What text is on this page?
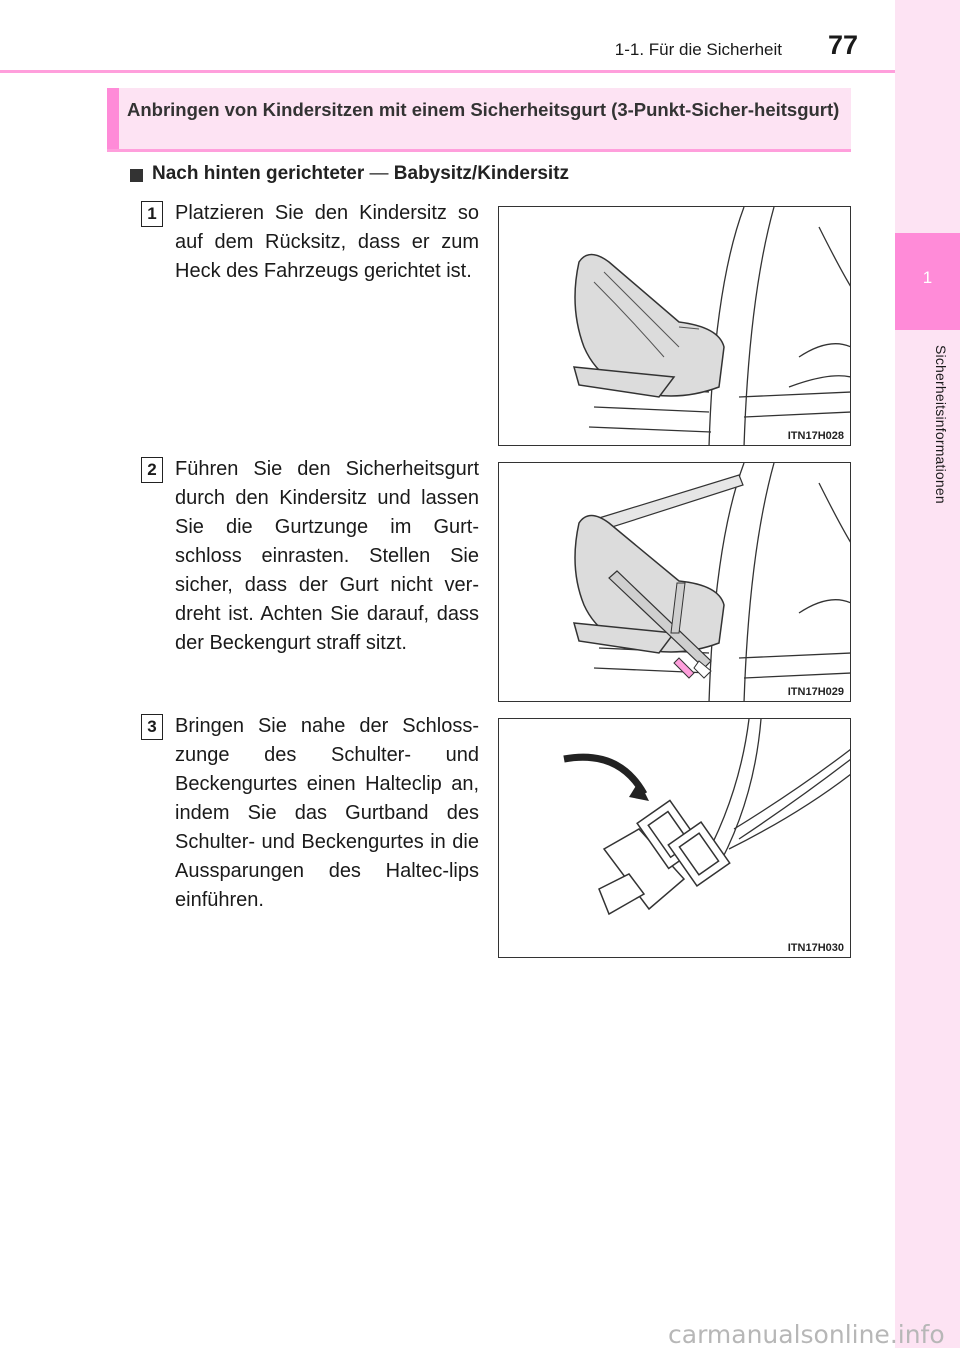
1-1. Für die Sicherheit 77
1
Sicherheitsinformationen
Anbringen von Kindersitzen mit einem Sicherheitsgurt (3-Punkt-Sicher-heitsgurt)
Nach hinten gerichteter — Babysitz/Kindersitz
1 Platzieren Sie den Kindersitz so auf dem Rücksitz, dass er zum Heck des Fahrzeugs gerichtet ist.
ITN17H028
2 Führen Sie den Sicherheitsgurt durch den Kindersitz und lassen Sie die Gurtzunge im Gurt-schloss einrasten. Stellen Sie sicher, dass der Gurt nicht ver-dreht ist. Achten Sie darauf, dass der Beckengurt straff sitzt.
ITN17H029
3 Bringen Sie nahe der Schloss-zunge des Schulter- und Beckengurtes einen Halteclip an, indem Sie das Gurtband des Schulter- und Beckengurtes in die Aussparungen des Haltec-lips einführen.
ITN17H030
carmanualsonline.info
